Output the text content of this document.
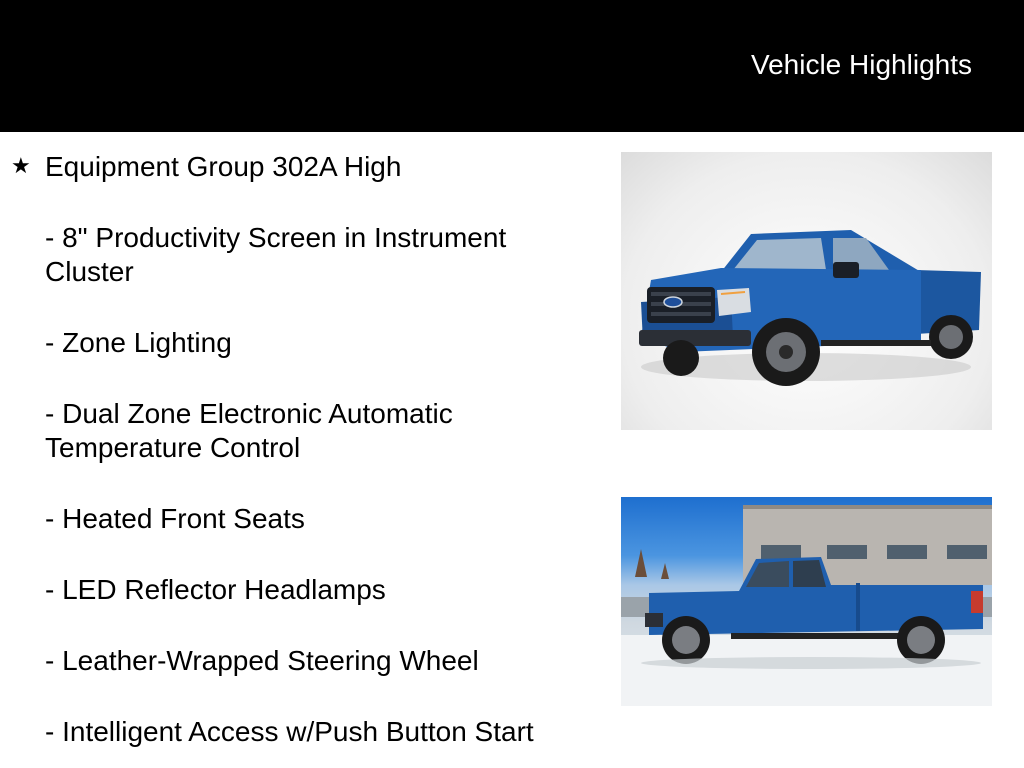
Vehicle Highlights
★ Equipment Group 302A High

- 8" Productivity Screen in Instrument

Cluster

- Zone Lighting

- Dual Zone Electronic Automatic

Temperature Control

- Heated Front Seats

- LED Reflector Headlamps

- Leather-Wrapped Steering Wheel

- Intelligent Access w/Push Button Start
